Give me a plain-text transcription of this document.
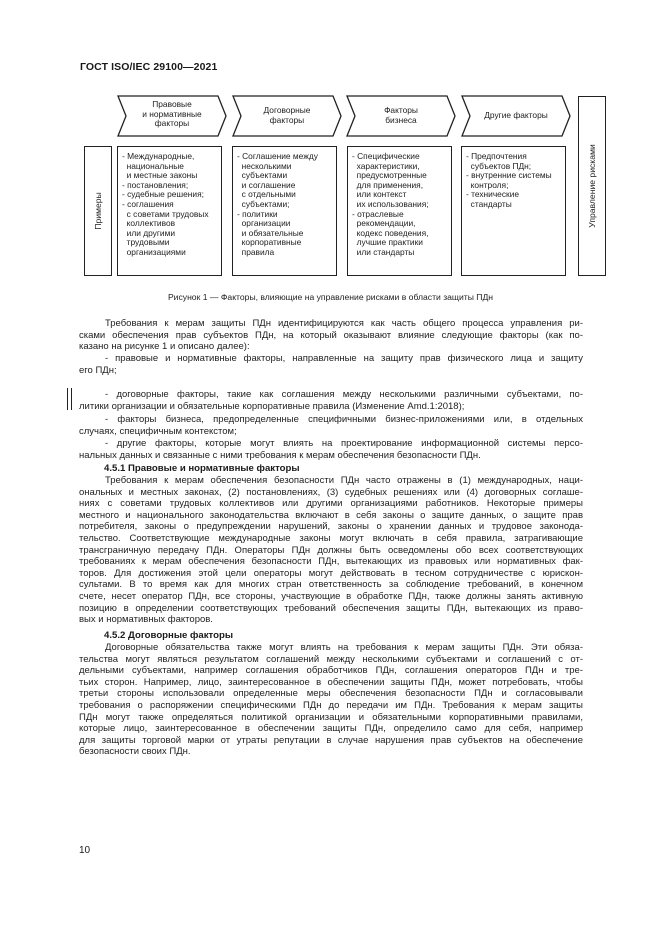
ГОСТ ISO/IEC 29100—2021
Правовые
и нормативные
факторы
Договорные
факторы
Факторы
бизнеса	Другие факторы
Примеры
- Международные,
национальные
и местные законы
- постановления;
- судебные решения;
- соглашения
с советами трудовых
коллективов
или другими
трудовыми
организациями
- Соглашение между
несколькими
субъектами
и соглашение
с отдельными
субъектами;
- политики
организации
и обязательные
корпоративные
правила
- Специфические
характеристики,
предусмотренные
для применения,
или контекст
их использования;
- отраслевые
рекомендации,
кодекс поведения,
лучшие практики
или стандарты
- Предпочтения
субъектов ПДн;
- внутренние системы
контроля;
- технические
стандарты	Управление рисками
Рисунок 1 — Факторы, влияющие на управление рисками в области защиты ПДн
Требования к мерам защиты ПДн идентифицируются как часть общего процесса управления ри-
сками обеспечения прав субъектов ПДн, на который оказывают влияние следующие факторы (как по-
казано на рисунке 1 и описано далее):
- правовые и нормативные факторы, направленные на защиту прав физического лица и защиту
его ПДн;
- договорные факторы, такие как соглашения между несколькими различными субъектами, по-
литики организации и обязательные корпоративные правила (Изменение Amd.1:2018);
- факторы бизнеса, предопределенные специфичными бизнес-приложениями или, в отдельных
случаях, специфичным контекстом;
- другие факторы, которые могут влиять на проектирование информационной системы персо-
нальных данных и связанные с ними требования к мерам обеспечения безопасности ПДн.
4.5.1 Правовые и нормативные факторы
Требования к мерам обеспечения безопасности ПДн часто отражены в (1) международных, наци-
ональных и местных законах, (2) постановлениях, (3) судебных решениях или (4) договорных соглаше-
ниях с советами трудовых коллективов или другими организациями работников. Некоторые примеры
местного и национального законодательства включают в себя законы о защите данных, о защите прав
потребителя, законы о предупреждении нарушений, законы о хранении данных и трудовое законода-
тельство. Соответствующие международные законы могут включать в себя правила, затрагивающие
трансграничную передачу ПДн. Операторы ПДн должны быть осведомлены обо всех соответствующих
требованиях к мерам обеспечения безопасности ПДн, вытекающих из правовых или нормативных фак-
торов. Для достижения этой цели операторы могут действовать в тесном сотрудничестве с юрискон-
сультами. В то время как для многих стран ответственность за соблюдение требований, в конечном
счете, несет оператор ПДн, все стороны, участвующие в обработке ПДн, также должны занять активную
позицию в определении соответствующих требований обеспечения защиты ПДн, вытекающих из право-
вых и нормативных факторов.
4.5.2 Договорные факторы
Договорные обязательства также могут влиять на требования к мерам защиты ПДн. Эти обяза-
тельства могут являться результатом соглашений между несколькими субъектами и соглашений с от-
дельными субъектами, например соглашения обработчиков ПДн, соглашения операторов ПДн и тре-
тьих сторон. Например, лицо, заинтересованное в обеспечении защиты ПДн, может потребовать, чтобы
третьи стороны использовали определенные меры обеспечения безопасности ПДн и согласовывали
требования о распоряжении специфическими ПДн до передачи им ПДн. Требования к мерам защиты
ПДн могут также определяться политикой организации и обязательными корпоративными правилами,
которые лицо, заинтересованное в обеспечении защиты ПДн, определило само для себя, например
для защиты торговой марки от утраты репутации в случае нарушения прав субъектов на обеспечение
безопасности своих ПДн.
10
